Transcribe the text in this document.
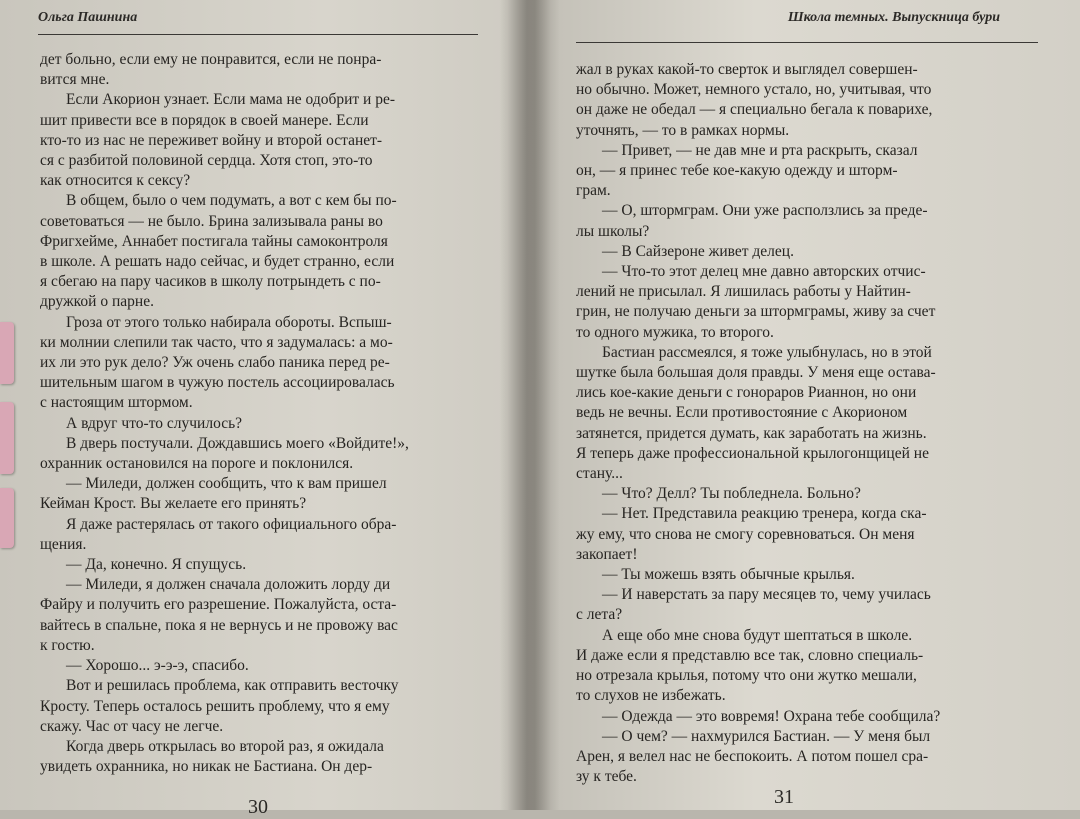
Ольга Пашнина

дет больно, если ему не понравится, если не понра-

вится мне.

Если Акорион узнает. Если мама не одобрит и ре-

шит привести все в порядок в своей манере. Если

кто-то из нас не переживет войну и второй останет-

ся с разбитой половиной сердца. Хотя стоп, это-то

как относится к сексу?

В общем, было о чем подумать, а вот с кем бы по-

советоваться — не было. Брина зализывала раны во

Фригхейме, Аннабет постигала тайны самоконтроля

в школе. А решать надо сейчас, и будет странно, если

я сбегаю на пару часиков в школу потрындеть с по-

дружкой о парне.

Гроза от этого только набирала обороты. Вспыш-

ки молнии слепили так часто, что я задумалась: а мо-

их ли это рук дело? Уж очень слабо паника перед ре-

шительным шагом в чужую постель ассоциировалась

с настоящим штормом.

А вдруг что-то случилось?

В дверь постучали. Дождавшись моего «Войдите!»,

охранник остановился на пороге и поклонился.

— Миледи, должен сообщить, что к вам пришел

Кейман Крост. Вы желаете его принять?

Я даже растерялась от такого официального обра-

щения.

— Да, конечно. Я спущусь.

— Миледи, я должен сначала доложить лорду ди

Файру и получить его разрешение. Пожалуйста, оста-

вайтесь в спальне, пока я не вернусь и не провожу вас

к гостю.

— Хорошо... э-э-э, спасибо.

Вот и решилась проблема, как отправить весточку

Кросту. Теперь осталось решить проблему, что я ему

скажу. Час от часу не легче.

Когда дверь открылась во второй раз, я ожидала

увидеть охранника, но никак не Бастиана. Он дер-

30
Школа темных. Выпускница бури

жал в руках какой-то сверток и выглядел совершен-

но обычно. Может, немного устало, но, учитывая, что

он даже не обедал — я специально бегала к поварихе,

уточнять, — то в рамках нормы.

— Привет, — не дав мне и рта раскрыть, сказал

он, — я принес тебе кое-какую одежду и шторм-

грам.

— О, штормграм. Они уже расползлись за преде-

лы школы?

— В Сайзероне живет делец.

— Что-то этот делец мне давно авторских отчис-

лений не присылал. Я лишилась работы у Найтин-

грин, не получаю деньги за штормграмы, живу за счет

то одного мужика, то второго.

Бастиан рассмеялся, я тоже улыбнулась, но в этой

шутке была большая доля правды. У меня еще остава-

лись кое-какие деньги с гонораров Рианнон, но они

ведь не вечны. Если противостояние с Акорионом

затянется, придется думать, как заработать на жизнь.

Я теперь даже профессиональной крылогонщицей не

стану...

— Что? Делл? Ты побледнела. Больно?

— Нет. Представила реакцию тренера, когда ска-

жу ему, что снова не смогу соревноваться. Он меня

закопает!

— Ты можешь взять обычные крылья.

— И наверстать за пару месяцев то, чему училась

с лета?

А еще обо мне снова будут шептаться в школе.

И даже если я представлю все так, словно специаль-

но отрезала крылья, потому что они жутко мешали,

то слухов не избежать.

— Одежда — это вовремя! Охрана тебе сообщила?

— О чем? — нахмурился Бастиан. — У меня был

Арен, я велел нас не беспокоить. А потом пошел сра-

зу к тебе.

31
